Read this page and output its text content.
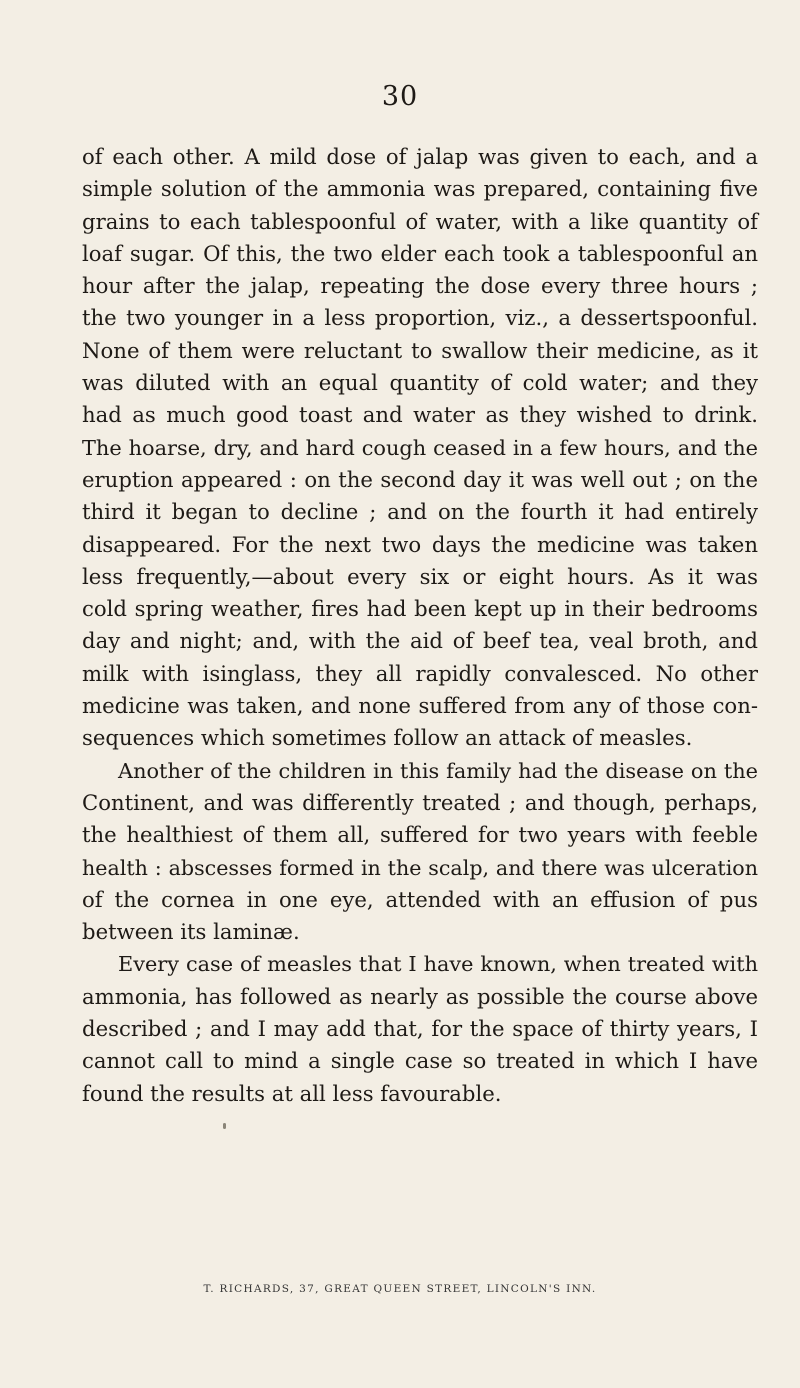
30
of each other. A mild dose of jalap was given to each, and a
simple solution of the ammonia was prepared, containing five
grains to each tablespoonful of water, with a like quantity of
loaf sugar. Of this, the two elder each took a tablespoonful an
hour after the jalap, repeating the dose every three hours ;
the two younger in a less proportion, viz., a dessertspoonful.
None of them were reluctant to swallow their medicine, as it
was diluted with an equal quantity of cold water; and they
had as much good toast and water as they wished to drink.
The hoarse, dry, and hard cough ceased in a few hours, and the
eruption appeared : on the second day it was well out ; on the
third it began to decline ; and on the fourth it had entirely
disappeared. For the next two days the medicine was taken
less frequently,—about every six or eight hours. As it was
cold spring weather, fires had been kept up in their bedrooms
day and night; and, with the aid of beef tea, veal broth, and
milk with isinglass, they all rapidly convalesced. No other
medicine was taken, and none suffered from any of those con-
sequences which sometimes follow an attack of measles.
Another of the children in this family had the disease on the
Continent, and was differently treated ; and though, perhaps,
the healthiest of them all, suffered for two years with feeble
health : abscesses formed in the scalp, and there was ulceration
of the cornea in one eye, attended with an effusion of pus
between its laminæ.
Every case of measles that I have known, when treated with
ammonia, has followed as nearly as possible the course above
described ; and I may add that, for the space of thirty years, I
cannot call to mind a single case so treated in which I have
found the results at all less favourable.
T. RICHARDS, 37, GREAT QUEEN STREET, LINCOLN'S INN.
